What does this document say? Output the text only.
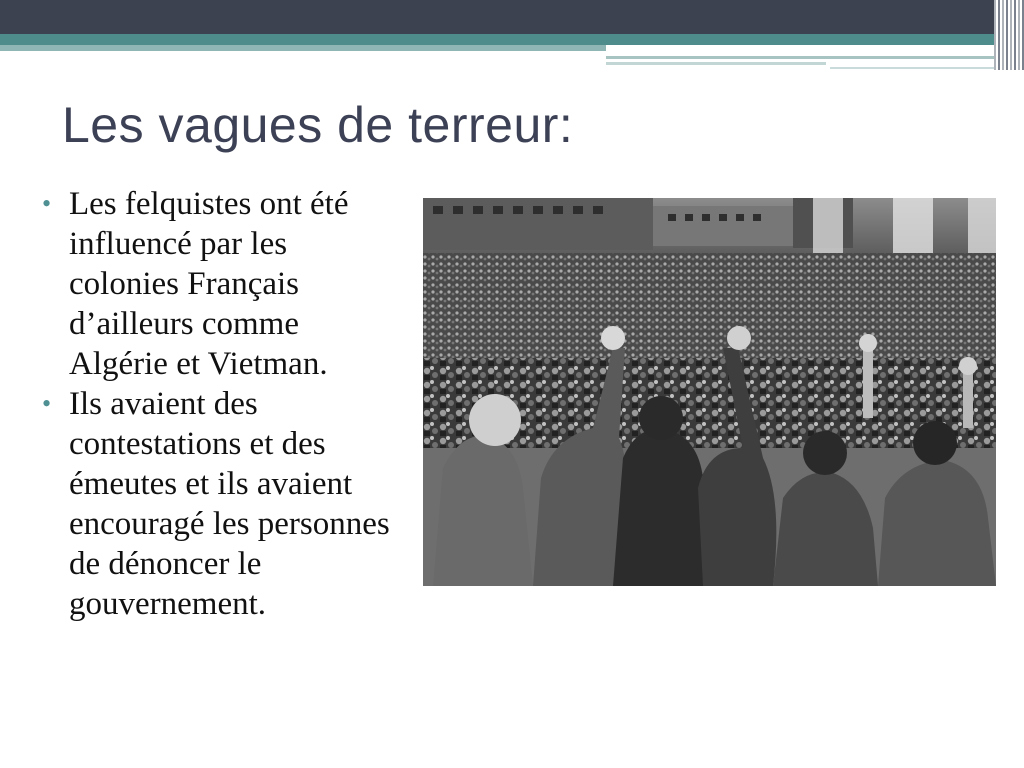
Les vagues de terreur:
• Les felquistes ont été influencé par les colonies Français d’ailleurs comme Algérie et Vietman.
• Ils avaient des contestations et des émeutes et ils avaient encouragé les personnes de dénoncer le gouvernement.
